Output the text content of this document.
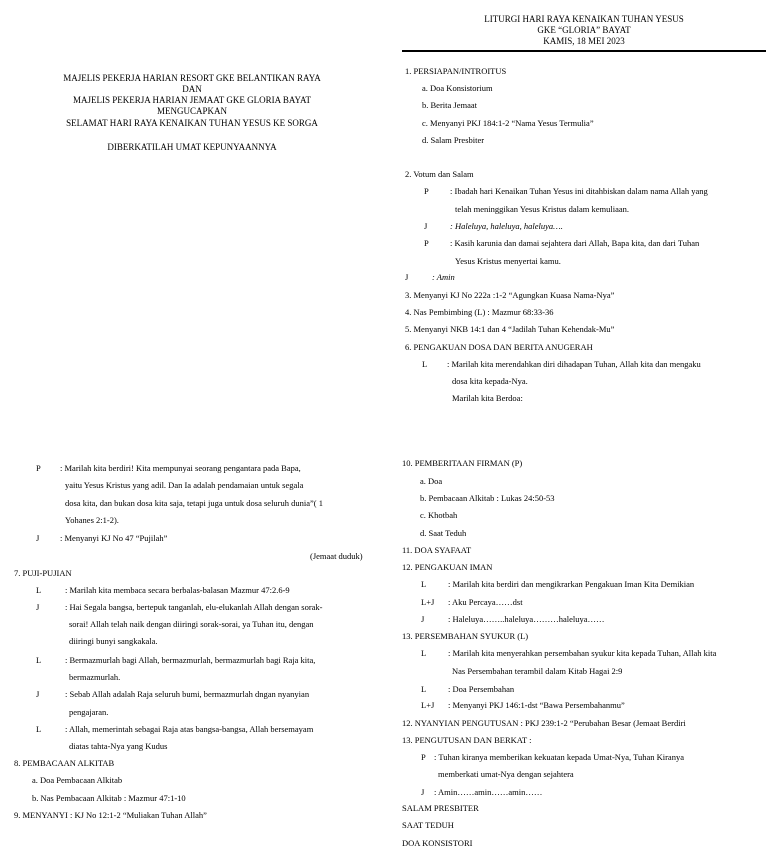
LITURGI HARI RAYA KENAIKAN TUHAN YESUS
GKE “GLORIA” BAYAT
KAMIS, 18 MEI 2023
MAJELIS PEKERJA HARIAN RESORT GKE BELANTIKAN RAYA
DAN
MAJELIS PEKERJA HARIAN JEMAAT GKE GLORIA BAYAT
MENGUCAPKAN
SELAMAT HARI RAYA KENAIKAN TUHAN YESUS KE SORGA
DIBERKATILAH UMAT KEPUNYAANNYA
1. PERSIAPAN/INTROITUS
a. Doa Konsistorium
b. Berita Jemaat
c. Menyanyi PKJ 184:1-2 “Nama Yesus Termulia”
d. Salam Presbiter
2. Votum dan Salam
P	: Ibadah hari Kenaikan Tuhan Yesus ini ditahbiskan dalam nama Allah yang
telah meninggikan Yesus Kristus dalam kemuliaan.
J	: Haleluya, haleluya, haleluya….
P	: Kasih karunia dan damai sejahtera dari Allah, Bapa kita, dan dari Tuhan
Yesus Kristus menyertai kamu.
J	: Amin
3. Menyanyi KJ No 222a :1-2 “Agungkan Kuasa Nama-Nya”
4. Nas Pembimbing (L) : Mazmur 68:33-36
5. Menyanyi NKB 14:1 dan 4 “Jadilah Tuhan Kehendak-Mu”
6. PENGAKUAN DOSA DAN BERITA ANUGERAH
L : Marilah kita merendahkan diri dihadapan Tuhan, Allah kita dan mengaku
dosa kita kepada-Nya.
Marilah kita Berdoa:
P : Marilah kita berdiri! Kita mempunyai seorang pengantara pada Bapa,
yaitu Yesus Kristus yang adil. Dan Ia adalah pendamaian untuk segala
dosa kita, dan bukan dosa kita saja, tetapi juga untuk dosa seluruh dunia”( 1
Yohanes 2:1-2).
J : Menyanyi KJ No 47 “Pujilah”
(Jemaat duduk)
7. PUJI-PUJIAN
L	: Marilah kita membaca secara berbalas-balasan Mazmur 47:2.6-9
J	: Hai Segala bangsa, bertepuk tanganlah, elu-elukanlah Allah dengan sorak-
sorai! Allah telah naik dengan diiringi sorak-sorai, ya Tuhan itu, dengan
diiringi bunyi sangkakala.
L	: Bermazmurlah bagi Allah, bermazmurlah, bermazmurlah bagi Raja kita,
bermazmurlah.
J	: Sebab Allah adalah Raja seluruh bumi, bermazmurlah dngan nyanyian
pengajaran.
L	: Allah, memerintah sebagai Raja atas bangsa-bangsa, Allah bersemayam
diatas tahta-Nya yang Kudus
8. PEMBACAAN ALKITAB
a. Doa Pembacaan Alkitab
b. Nas Pembacaan Alkitab : Mazmur 47:1-10
9. MENYANYI : KJ No 12:1-2 “Muliakan Tuhan Allah”
10. PEMBERITAAN FIRMAN (P)
a. Doa
b. Pembacaan Alkitab : Lukas 24:50-53
c. Khotbah
d. Saat Teduh
11. DOA SYAFAAT
12. PENGAKUAN IMAN
L	: Marilah kita berdiri dan mengikrarkan Pengakuan Iman Kita Demikian
L+J : Aku Percaya……dst
J	: Haleluya……..haleluya………haleluya……
13. PERSEMBAHAN SYUKUR (L)
L	: Marilah kita menyerahkan persembahan syukur kita kepada Tuhan, Allah kita
Nas Persembahan terambil dalam Kitab Hagai 2:9
L	: Doa Persembahan
L+J : Menyanyi PKJ 146:1-dst “Bawa Persembahanmu”
12. NYANYIAN PENGUTUSAN : PKJ 239:1-2 “Perubahan Besar (Jemaat Berdiri
13. PENGUTUSAN DAN BERKAT :
P : Tuhan kiranya memberikan kekuatan kepada Umat-Nya, Tuhan Kiranya
memberkati umat-Nya dengan sejahtera
J : Amin……amin……amin……
SALAM PRESBITER
SAAT TEDUH
DOA KONSISTORI
